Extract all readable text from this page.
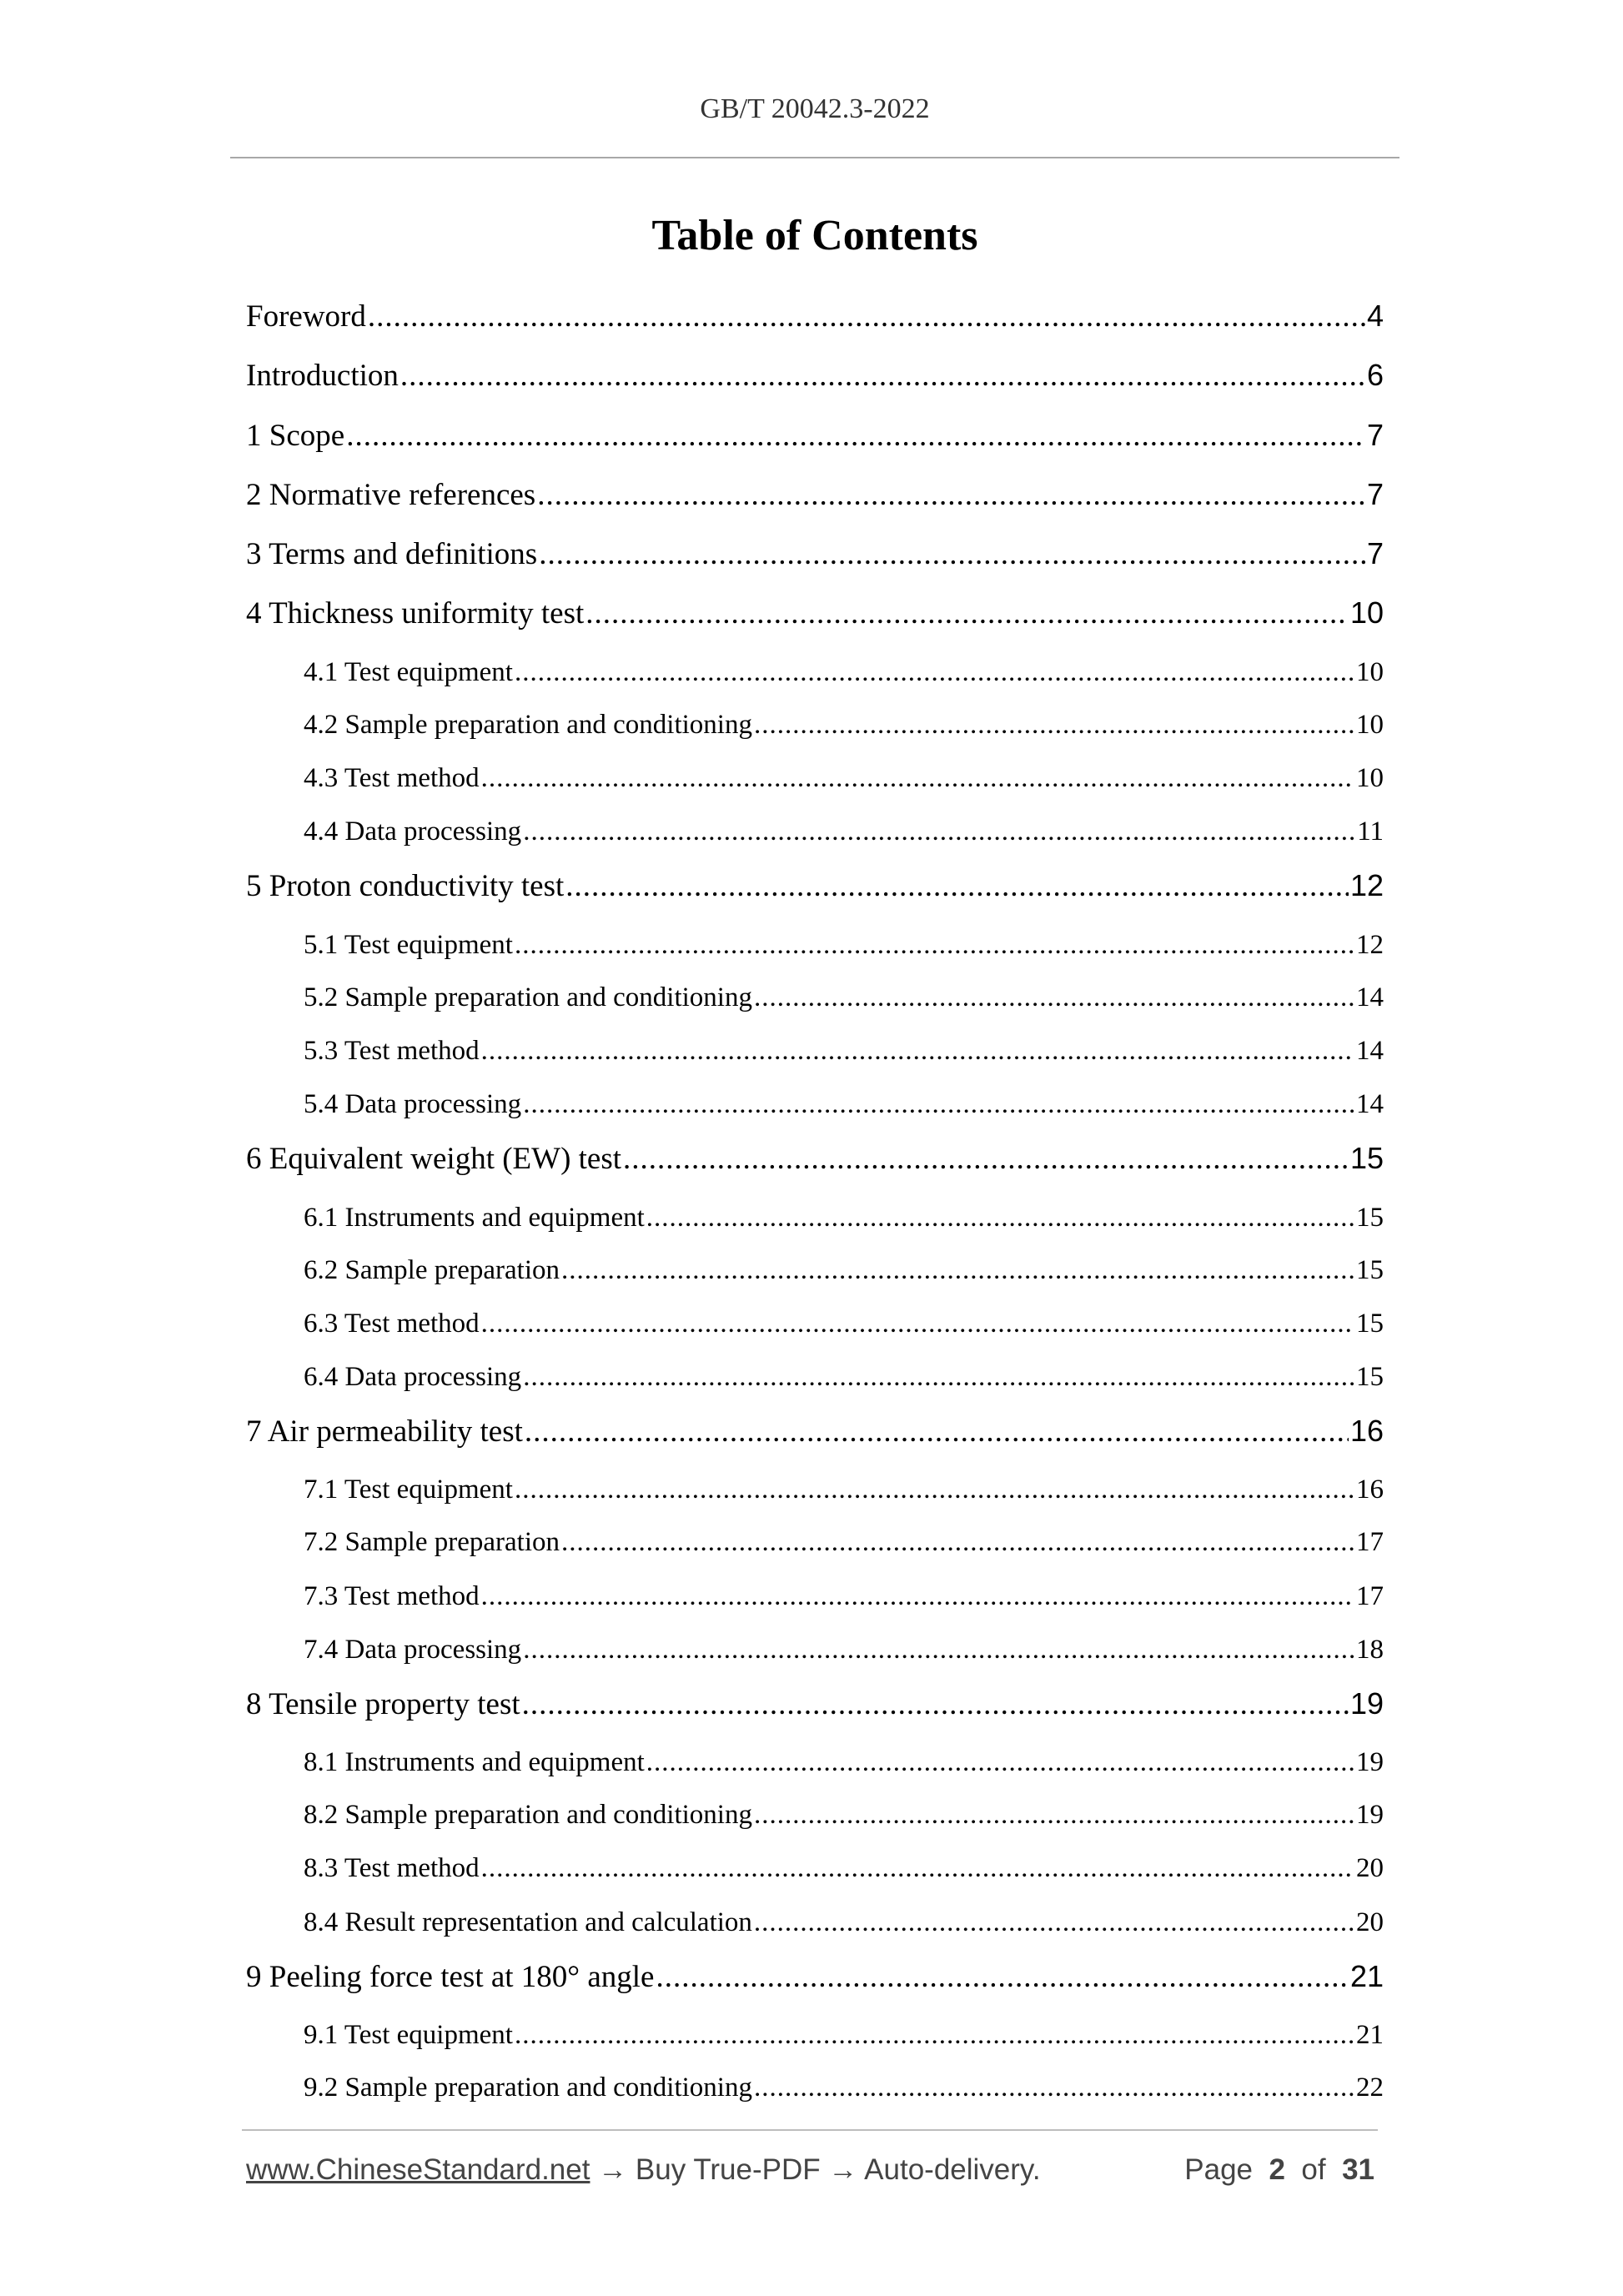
GB/T 20042.3-2022
Table of Contents
Foreword .....	4
Introduction .....	6
1 Scope .....	7
2 Normative references .....	7
3 Terms and definitions .....	7
4 Thickness uniformity test .....	10
4.1 Test equipment .....	10
4.2 Sample preparation and conditioning .....	10
4.3 Test method .....	10
4.4 Data processing .....	11
5 Proton conductivity test .....	12
5.1 Test equipment .....	12
5.2 Sample preparation and conditioning .....	14
5.3 Test method .....	14
5.4 Data processing .....	14
6 Equivalent weight (EW) test .....	15
6.1 Instruments and equipment .....	15
6.2 Sample preparation .....	15
6.3 Test method .....	15
6.4 Data processing .....	15
7 Air permeability test .....	16
7.1 Test equipment .....	16
7.2 Sample preparation .....	17
7.3 Test method .....	17
7.4 Data processing .....	18
8 Tensile property test .....	19
8.1 Instruments and equipment .....	19
8.2 Sample preparation and conditioning .....	19
8.3 Test method .....	20
8.4 Result representation and calculation .....	20
9 Peeling force test at 180° angle .....	21
9.1 Test equipment .....	21
9.2 Sample preparation and conditioning .....	22
www.ChineseStandard.net → Buy True-PDF → Auto-delivery.	Page 2 of 31
